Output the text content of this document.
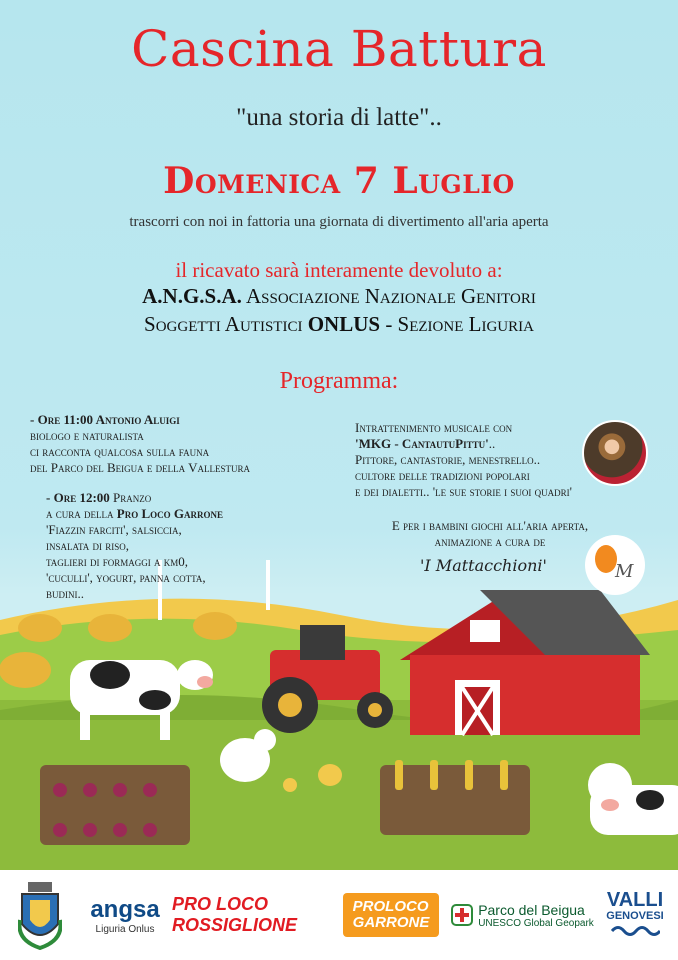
Cascina Battura
"una storia di latte"..
Domenica 7 Luglio
trascorri con noi in fattoria una giornata di divertimento all'aria aperta
il ricavato sarà interamente devoluto a:
A.N.G.S.A. Associazione Nazionale Genitori
Soggetti Autistici ONLUS - Sezione Liguria
Programma:
- Ore 11:00 Antonio Aluigi
biologo e naturalista
ci racconta qualcosa sulla fauna
del Parco del Beigua e della Vallestura
- Ore 12:00 Pranzo
a cura della Pro Loco Garrone
'Fiazzin farciti', salsiccia,
insalata di riso,
taglieri di formaggi a km0,
'cuculli', yogurt, panna cotta,
budini..
Intrattenimento musicale con
'MKG - CantautuPittu'..
Pittore, cantastorie, menestrello..
cultore delle tradizioni popolari
e dei dialetti.. 'le sue storie i suoi quadri'
E per i bambini giochi all'aria aperta,
animazione a cura de
'I Mattacchioni'	M
angsa
Liguria Onlus
PRO LOCO ROSSIGLIONE
PROLOCO
GARRONE
Parco del Beigua
UNESCO Global Geopark
VALLI
GENOVESI
